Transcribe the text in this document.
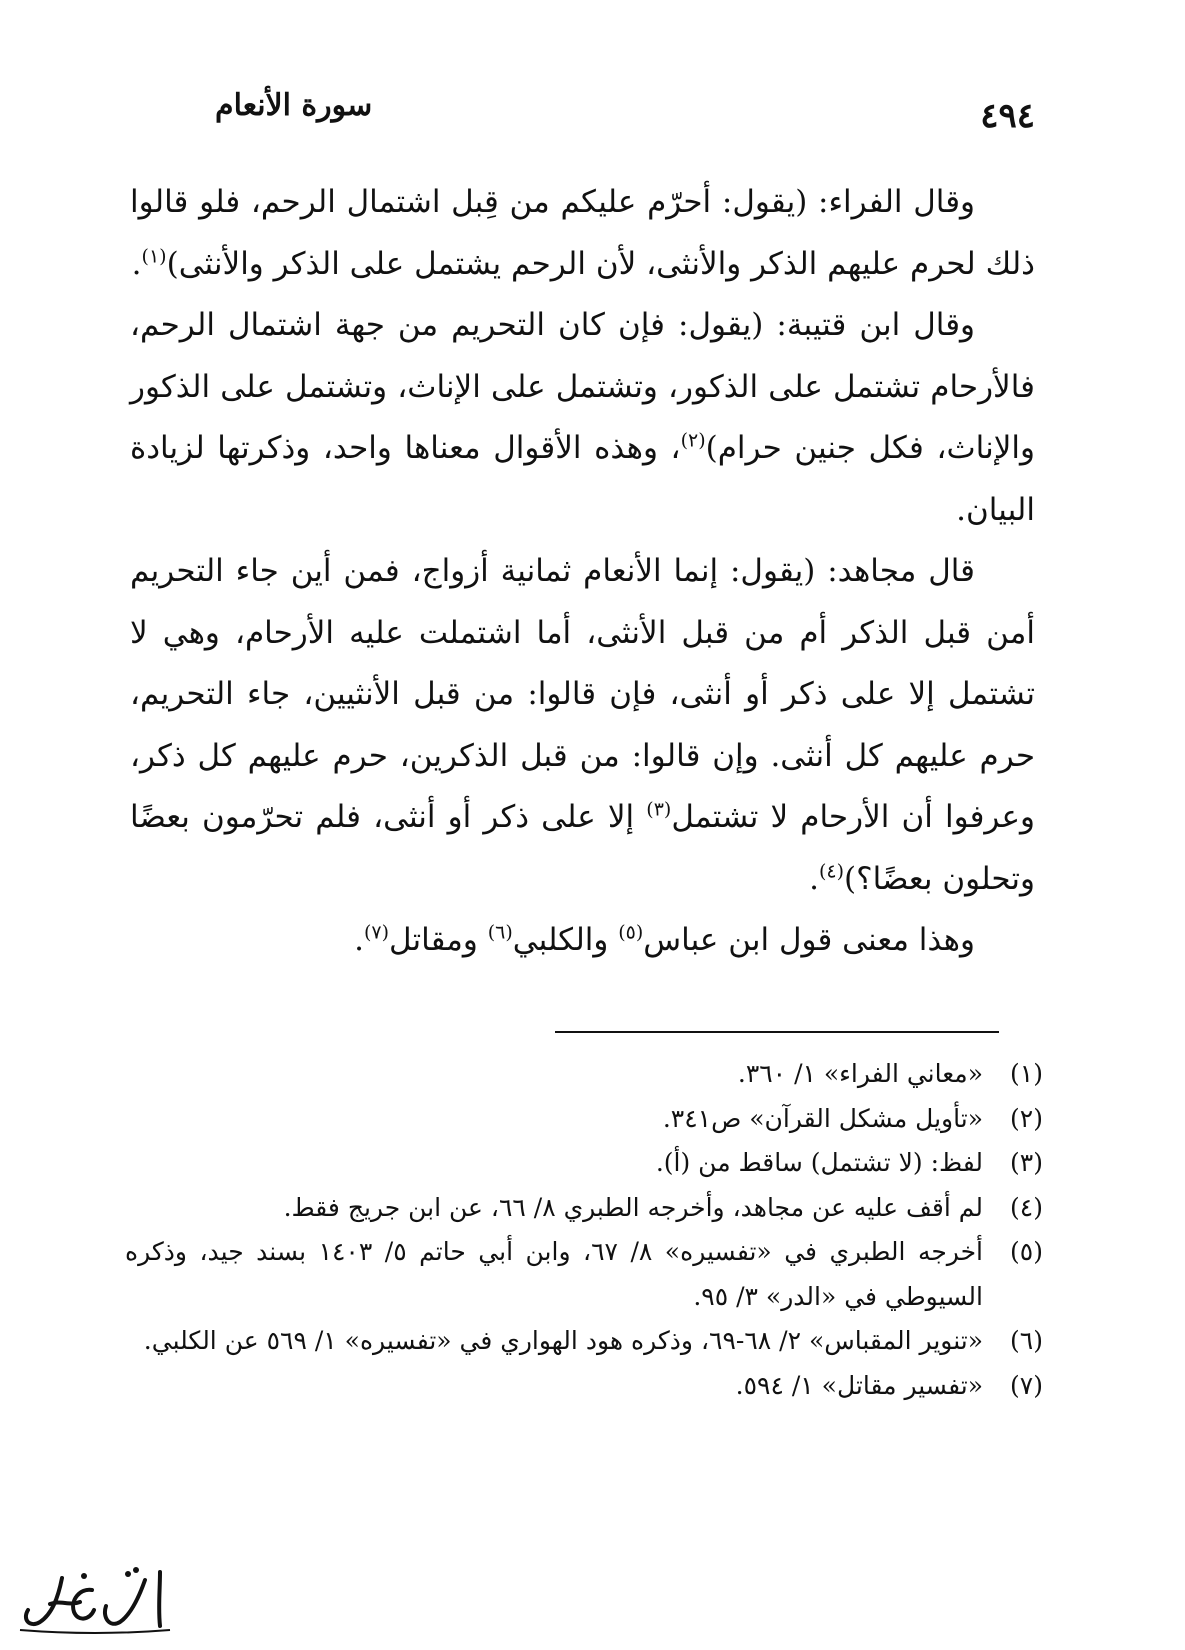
٤٩٤
سورة الأنعام

وقال الفراء: (يقول: أحرّم عليكم من قِبل اشتمال الرحم، فلو قالوا ذلك لحرم عليهم الذكر والأنثى، لأن الرحم يشتمل على الذكر والأنثى)$^{(١)}$.

وقال ابن قتيبة: (يقول: فإن كان التحريم من جهة اشتمال الرحم، فالأرحام تشتمل على الذكور، وتشتمل على الإناث، وتشتمل على الذكور والإناث، فكل جنين حرام)$^{(٢)}$، وهذه الأقوال معناها واحد، وذكرتها لزيادة البيان.

قال مجاهد: (يقول: إنما الأنعام ثمانية أزواج، فمن أين جاء التحريم أمن قبل الذكر أم من قبل الأنثى، أما اشتملت عليه الأرحام، وهي لا تشتمل إلا على ذكر أو أنثى، فإن قالوا: من قبل الأنثيين، جاء التحريم، حرم عليهم كل أنثى. وإن قالوا: من قبل الذكرين، حرم عليهم كل ذكر، وعرفوا أن الأرحام لا تشتمل$^{(٣)}$ إلا على ذكر أو أنثى، فلم تحرّمون بعضًا وتحلون بعضًا؟)$^{(٤)}$.

وهذا معنى قول ابن عباس$^{(٥)}$ والكلبي$^{(٦)}$ ومقاتل$^{(٧)}$.

(١)
«معاني الفراء» ١/ ٣٦٠.
(٢)
«تأويل مشكل القرآن» ص٣٤١.
(٣)
لفظ: (لا تشتمل) ساقط من (أ).
(٤)
لم أقف عليه عن مجاهد، وأخرجه الطبري ٨/ ٦٦، عن ابن جريج فقط.
(٥)
أخرجه الطبري في «تفسيره» ٨/ ٦٧، وابن أبي حاتم ٥/ ١٤٠٣ بسند جيد، وذكره السيوطي في «الدر» ٣/ ٩٥.
(٦)
«تنوير المقباس» ٢/ ٦٨-٦٩، وذكره هود الهواري في «تفسيره» ١/ ٥٦٩ عن الكلبي.
(٧)
«تفسير مقاتل» ١/ ٥٩٤.
